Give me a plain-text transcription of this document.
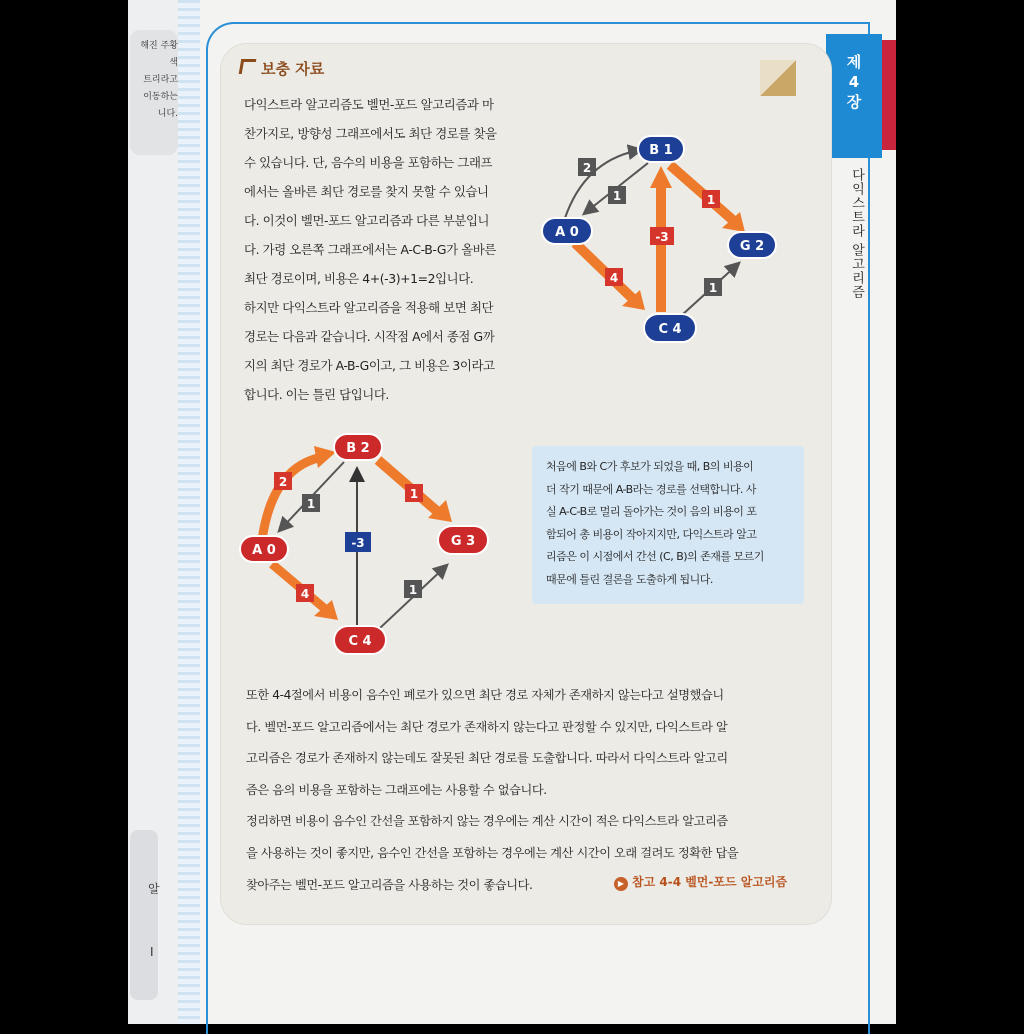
해진 주황색
트리라고
이동하는
니다.
알
I
제
4
장
다익스트라 알고리즘
보충 자료
다익스트라 알고리즘도 벨먼-포드 알고리즘과 마
찬가지로, 방향성 그래프에서도 최단 경로를 찾을
수 있습니다. 단, 음수의 비용을 포함하는 그래프
에서는 올바른 최단 경로를 찾지 못할 수 있습니
다. 이것이 벨먼-포드 알고리즘과 다른 부분입니
다. 가령 오른쪽 그래프에서는 A-C-B-G가 올바른
최단 경로이며, 비용은 4+(-3)+1=2입니다.
하지만 다익스트라 알고리즘을 적용해 보면 최단
경로는 다음과 같습니다. 시작점 A에서 종점 G까
지의 최단 경로가 A-B-G이고, 그 비용은 3이라고
합니다. 이는 틀린 답입니다.
2
1	1
-3
4
1
B 1
A 0
G 2
C 4
2
1
1
-3
4	1
B 2
A 0
G 3
C 4
처음에 B와 C가 후보가 되었을 때, B의 비용이
더 작기 때문에 A-B라는 경로를 선택합니다. 사
실 A-C-B로 멀리 돌아가는 것이 음의 비용이 포
함되어 총 비용이 작아지지만, 다익스트라 알고
리즘은 이 시점에서 간선 (C, B)의 존재를 모르기
때문에 틀린 결론을 도출하게 됩니다.
또한 4-4절에서 비용이 음수인 폐로가 있으면 최단 경로 자체가 존재하지 않는다고 설명했습니
다. 벨먼-포드 알고리즘에서는 최단 경로가 존재하지 않는다고 판정할 수 있지만, 다익스트라 알
고리즘은 경로가 존재하지 않는데도 잘못된 최단 경로를 도출합니다. 따라서 다익스트라 알고리
즘은 음의 비용을 포함하는 그래프에는 사용할 수 없습니다.
정리하면 비용이 음수인 간선을 포함하지 않는 경우에는 계산 시간이 적은 다익스트라 알고리즘
을 사용하는 것이 좋지만, 음수인 간선을 포함하는 경우에는 계산 시간이 오래 걸려도 정확한 답을
찾아주는 벨먼-포드 알고리즘을 사용하는 것이 좋습니다.	▶ 참고 4-4 벨먼-포드 알고리즘
